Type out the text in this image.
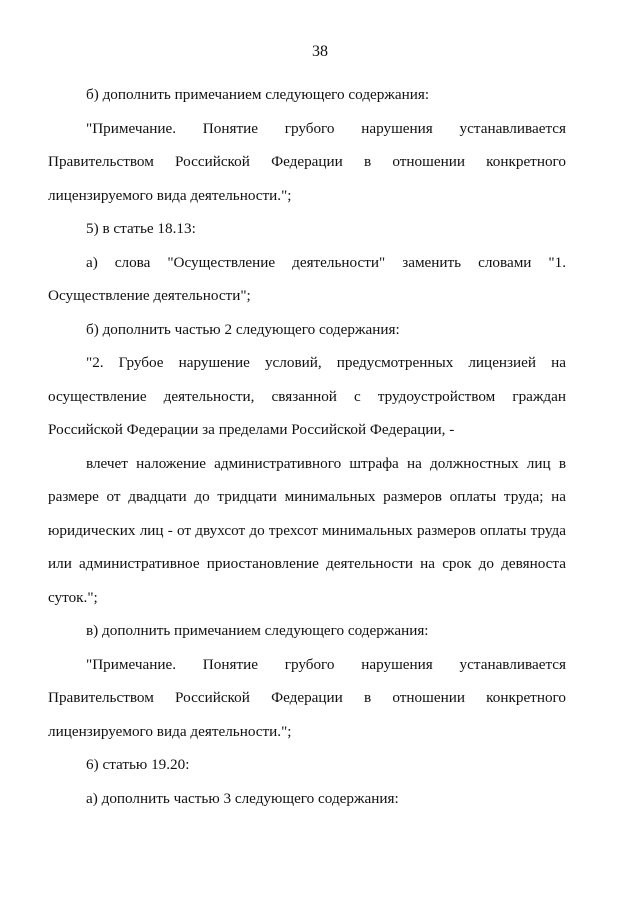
38

б) дополнить примечанием следующего содержания:

"Примечание. Понятие грубого нарушения устанавливается Правительством Российской Федерации в отношении конкретного лицензируемого вида деятельности.";

5) в статье 18.13:

а) слова "Осуществление деятельности" заменить словами "1. Осуществление деятельности";

б) дополнить частью 2 следующего содержания:

"2. Грубое нарушение условий, предусмотренных лицензией на осуществление деятельности, связанной с трудоустройством граждан Российской Федерации за пределами Российской Федерации, -

влечет наложение административного штрафа на должностных лиц в размере от двадцати до тридцати минимальных размеров оплаты труда; на юридических лиц - от двухсот до трехсот минимальных размеров оплаты труда или административное приостановление деятельности на срок до девяноста суток.";

в) дополнить примечанием следующего содержания:

"Примечание. Понятие грубого нарушения устанавливается Правительством Российской Федерации в отношении конкретного лицензируемого вида деятельности.";

6) статью 19.20:

а) дополнить частью 3 следующего содержания:
